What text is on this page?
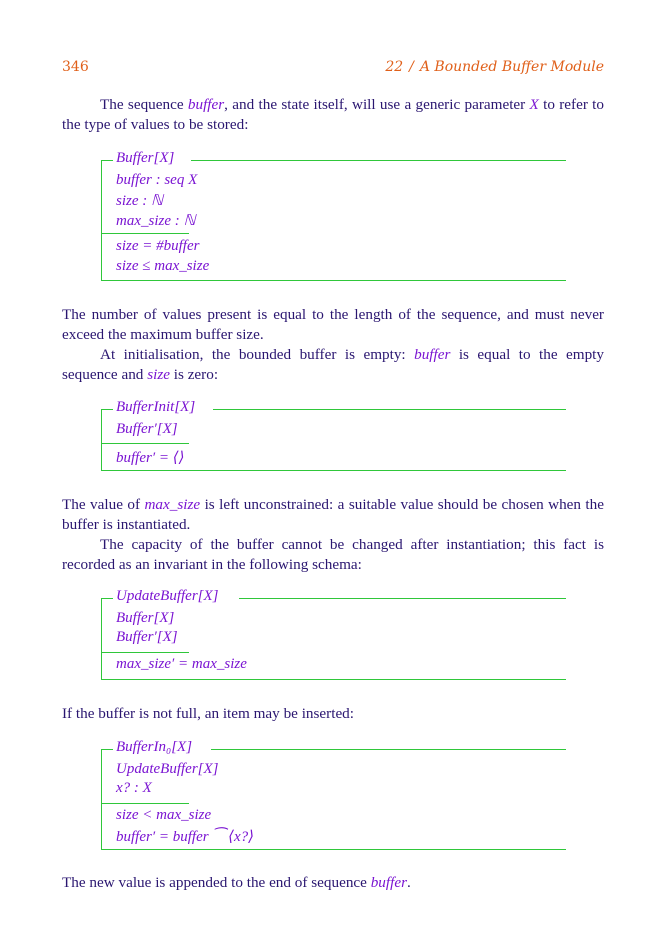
346	22 / A Bounded Buffer Module
The sequence buffer, and the state itself, will use a generic parameter X to refer to the type of values to be stored:
Buffer[X]
buffer : seq X
size : ℕ
max_size : ℕ
size = #buffer
size ≤ max_size
The number of values present is equal to the length of the sequence, and must never exceed the maximum buffer size.
At initialisation, the bounded buffer is empty: buffer is equal to the empty sequence and size is zero:
BufferInit[X]
Buffer′[X]
buffer′ = ⟨⟩
The value of max_size is left unconstrained: a suitable value should be chosen when the buffer is instantiated.
The capacity of the buffer cannot be changed after instantiation; this fact is recorded as an invariant in the following schema:
UpdateBuffer[X]
Buffer[X]
Buffer′[X]
max_size′ = max_size
If the buffer is not full, an item may be inserted:
BufferIn₀[X]
UpdateBuffer[X]
x? : X
size < max_size
buffer′ = buffer ⁀ ⟨x?⟩
The new value is appended to the end of sequence buffer.
